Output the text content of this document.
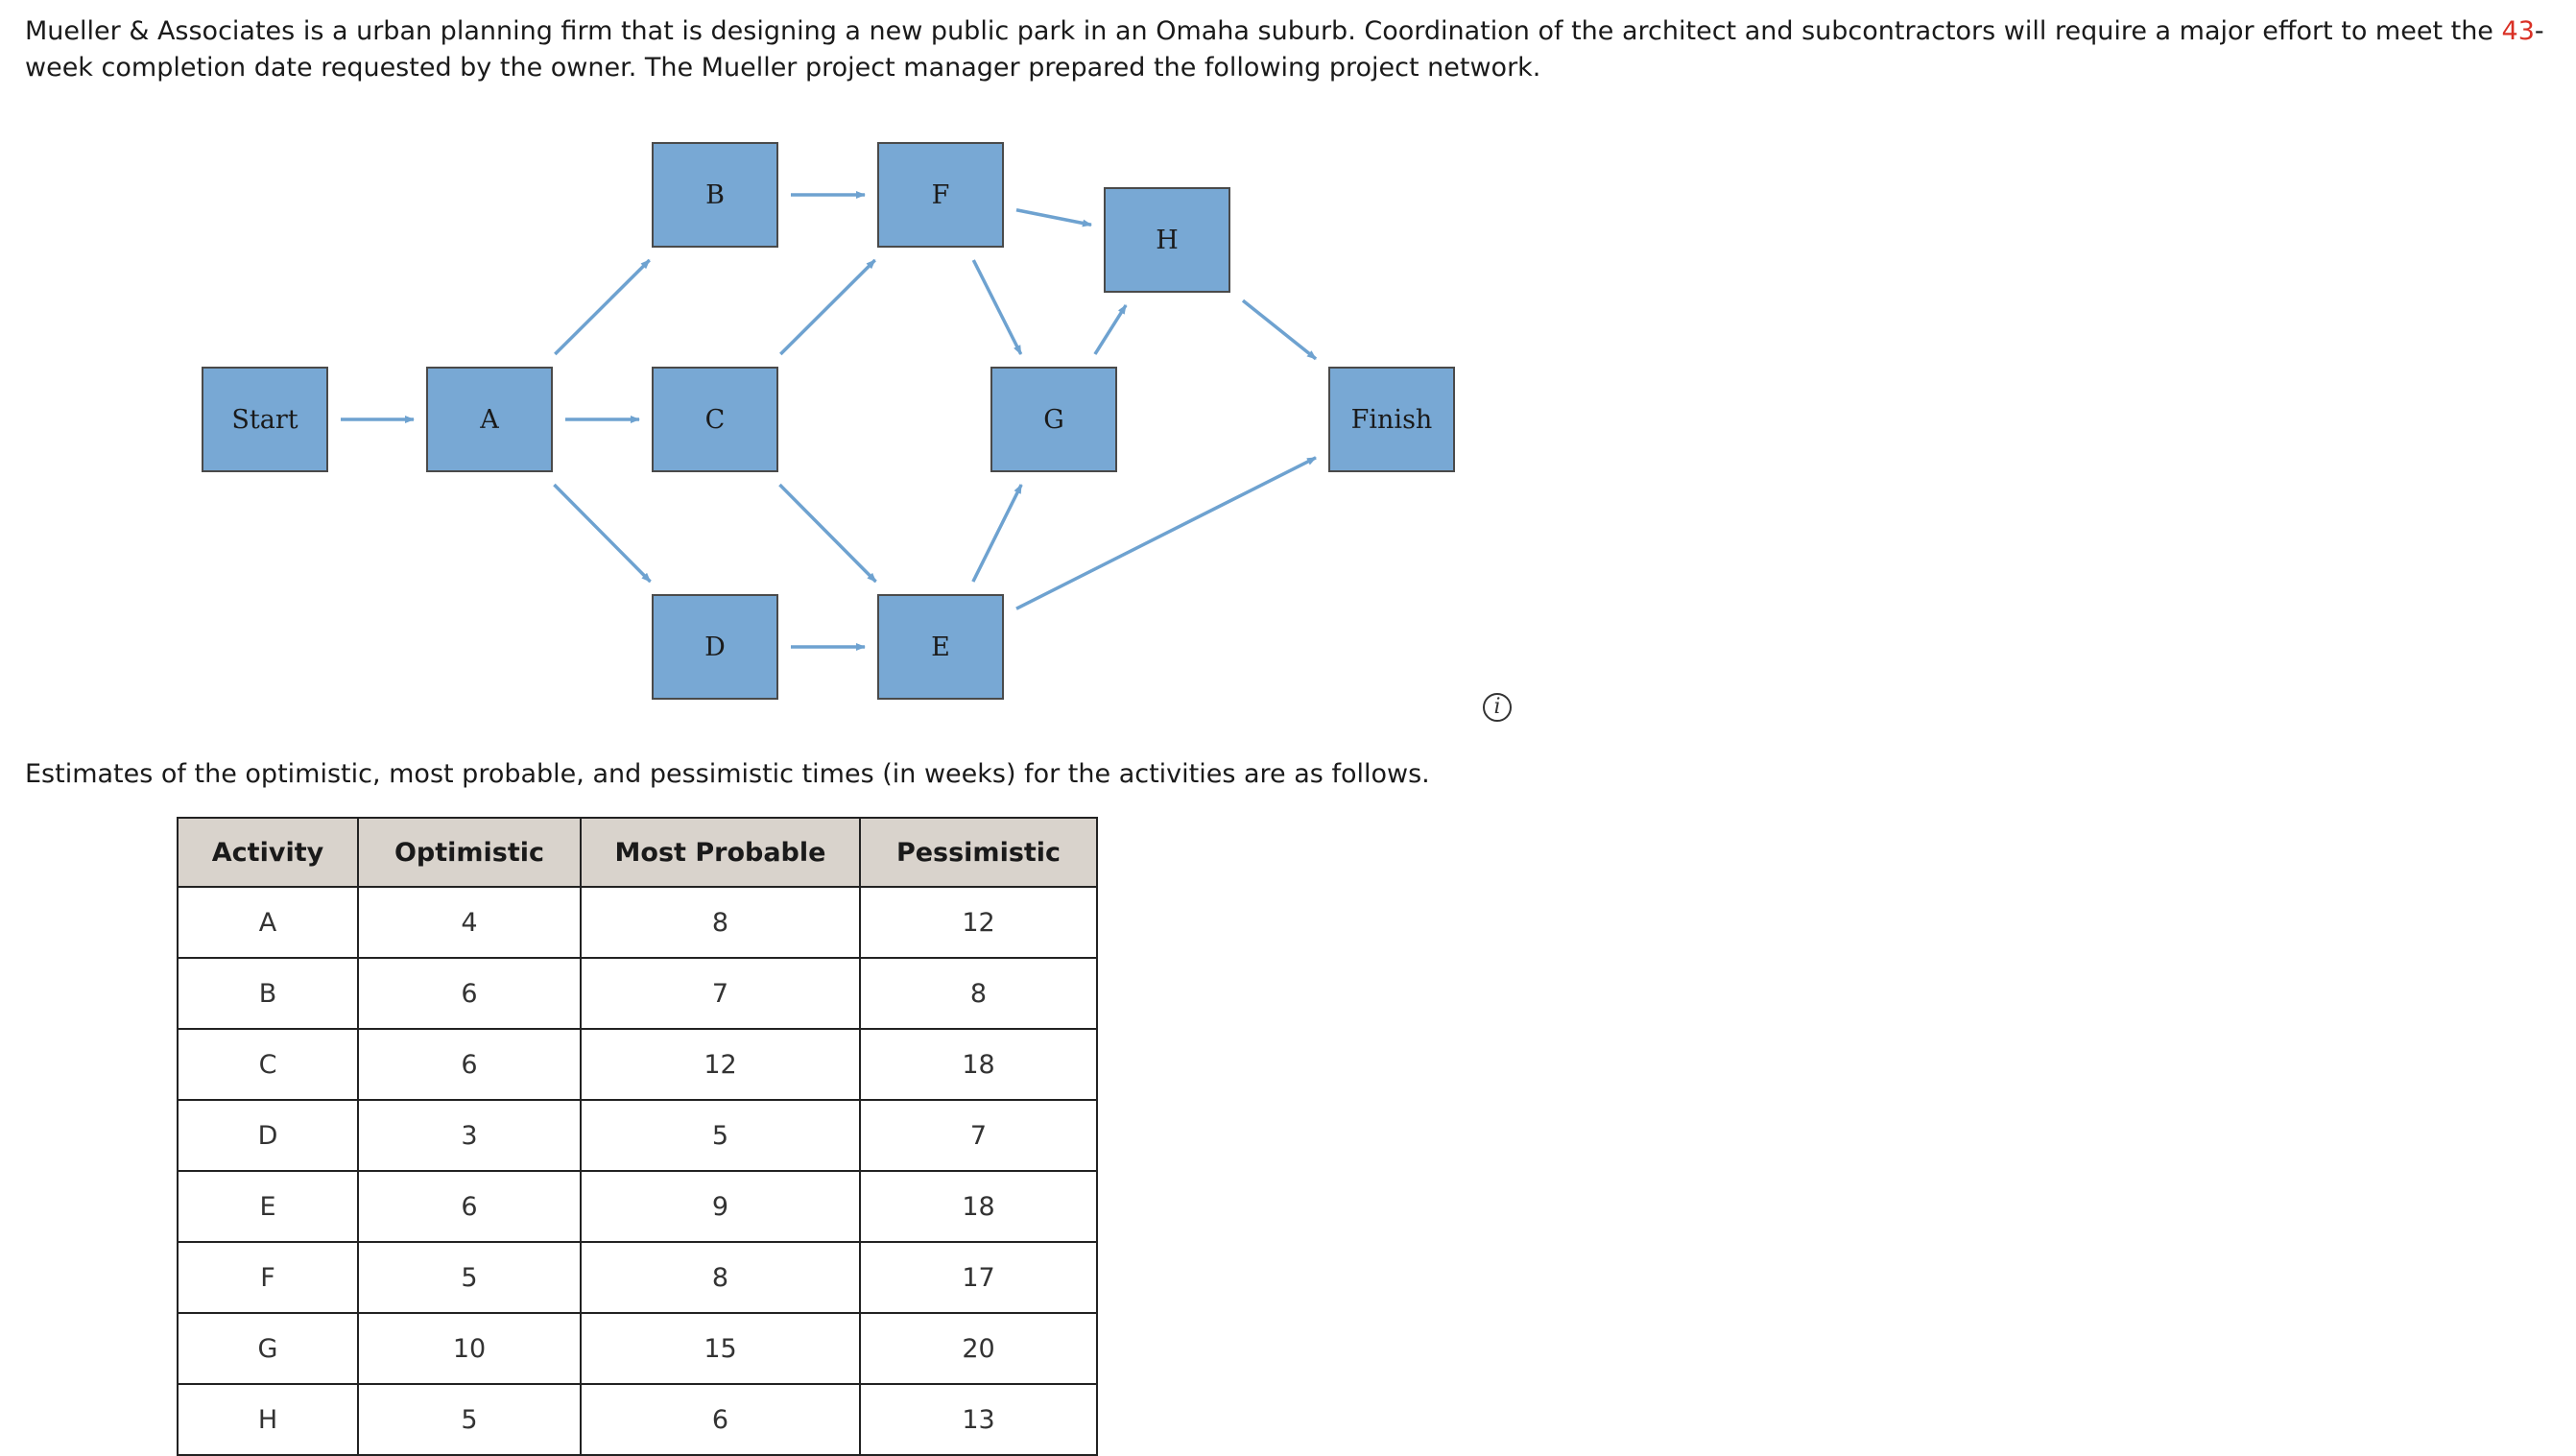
Mueller & Associates is a urban planning firm that is designing a new public park in an Omaha suburb. Coordination of the architect and subcontractors will require a major effort to meet the 43-week completion date requested by the owner. The Mueller project manager prepared the following project network.

Start	A
B
C
D	E
F
G
H
Finish
i

Estimates of the optimistic, most probable, and pessimistic times (in weeks) for the activities are as follows.

Activity	Optimistic	Most Probable	Pessimistic
A	4	8	12
B	6	7	8
C	6	12	18
D	3	5	7
E	6	9	18
F	5	8	17
G	10	15	20
H	5	6	13
